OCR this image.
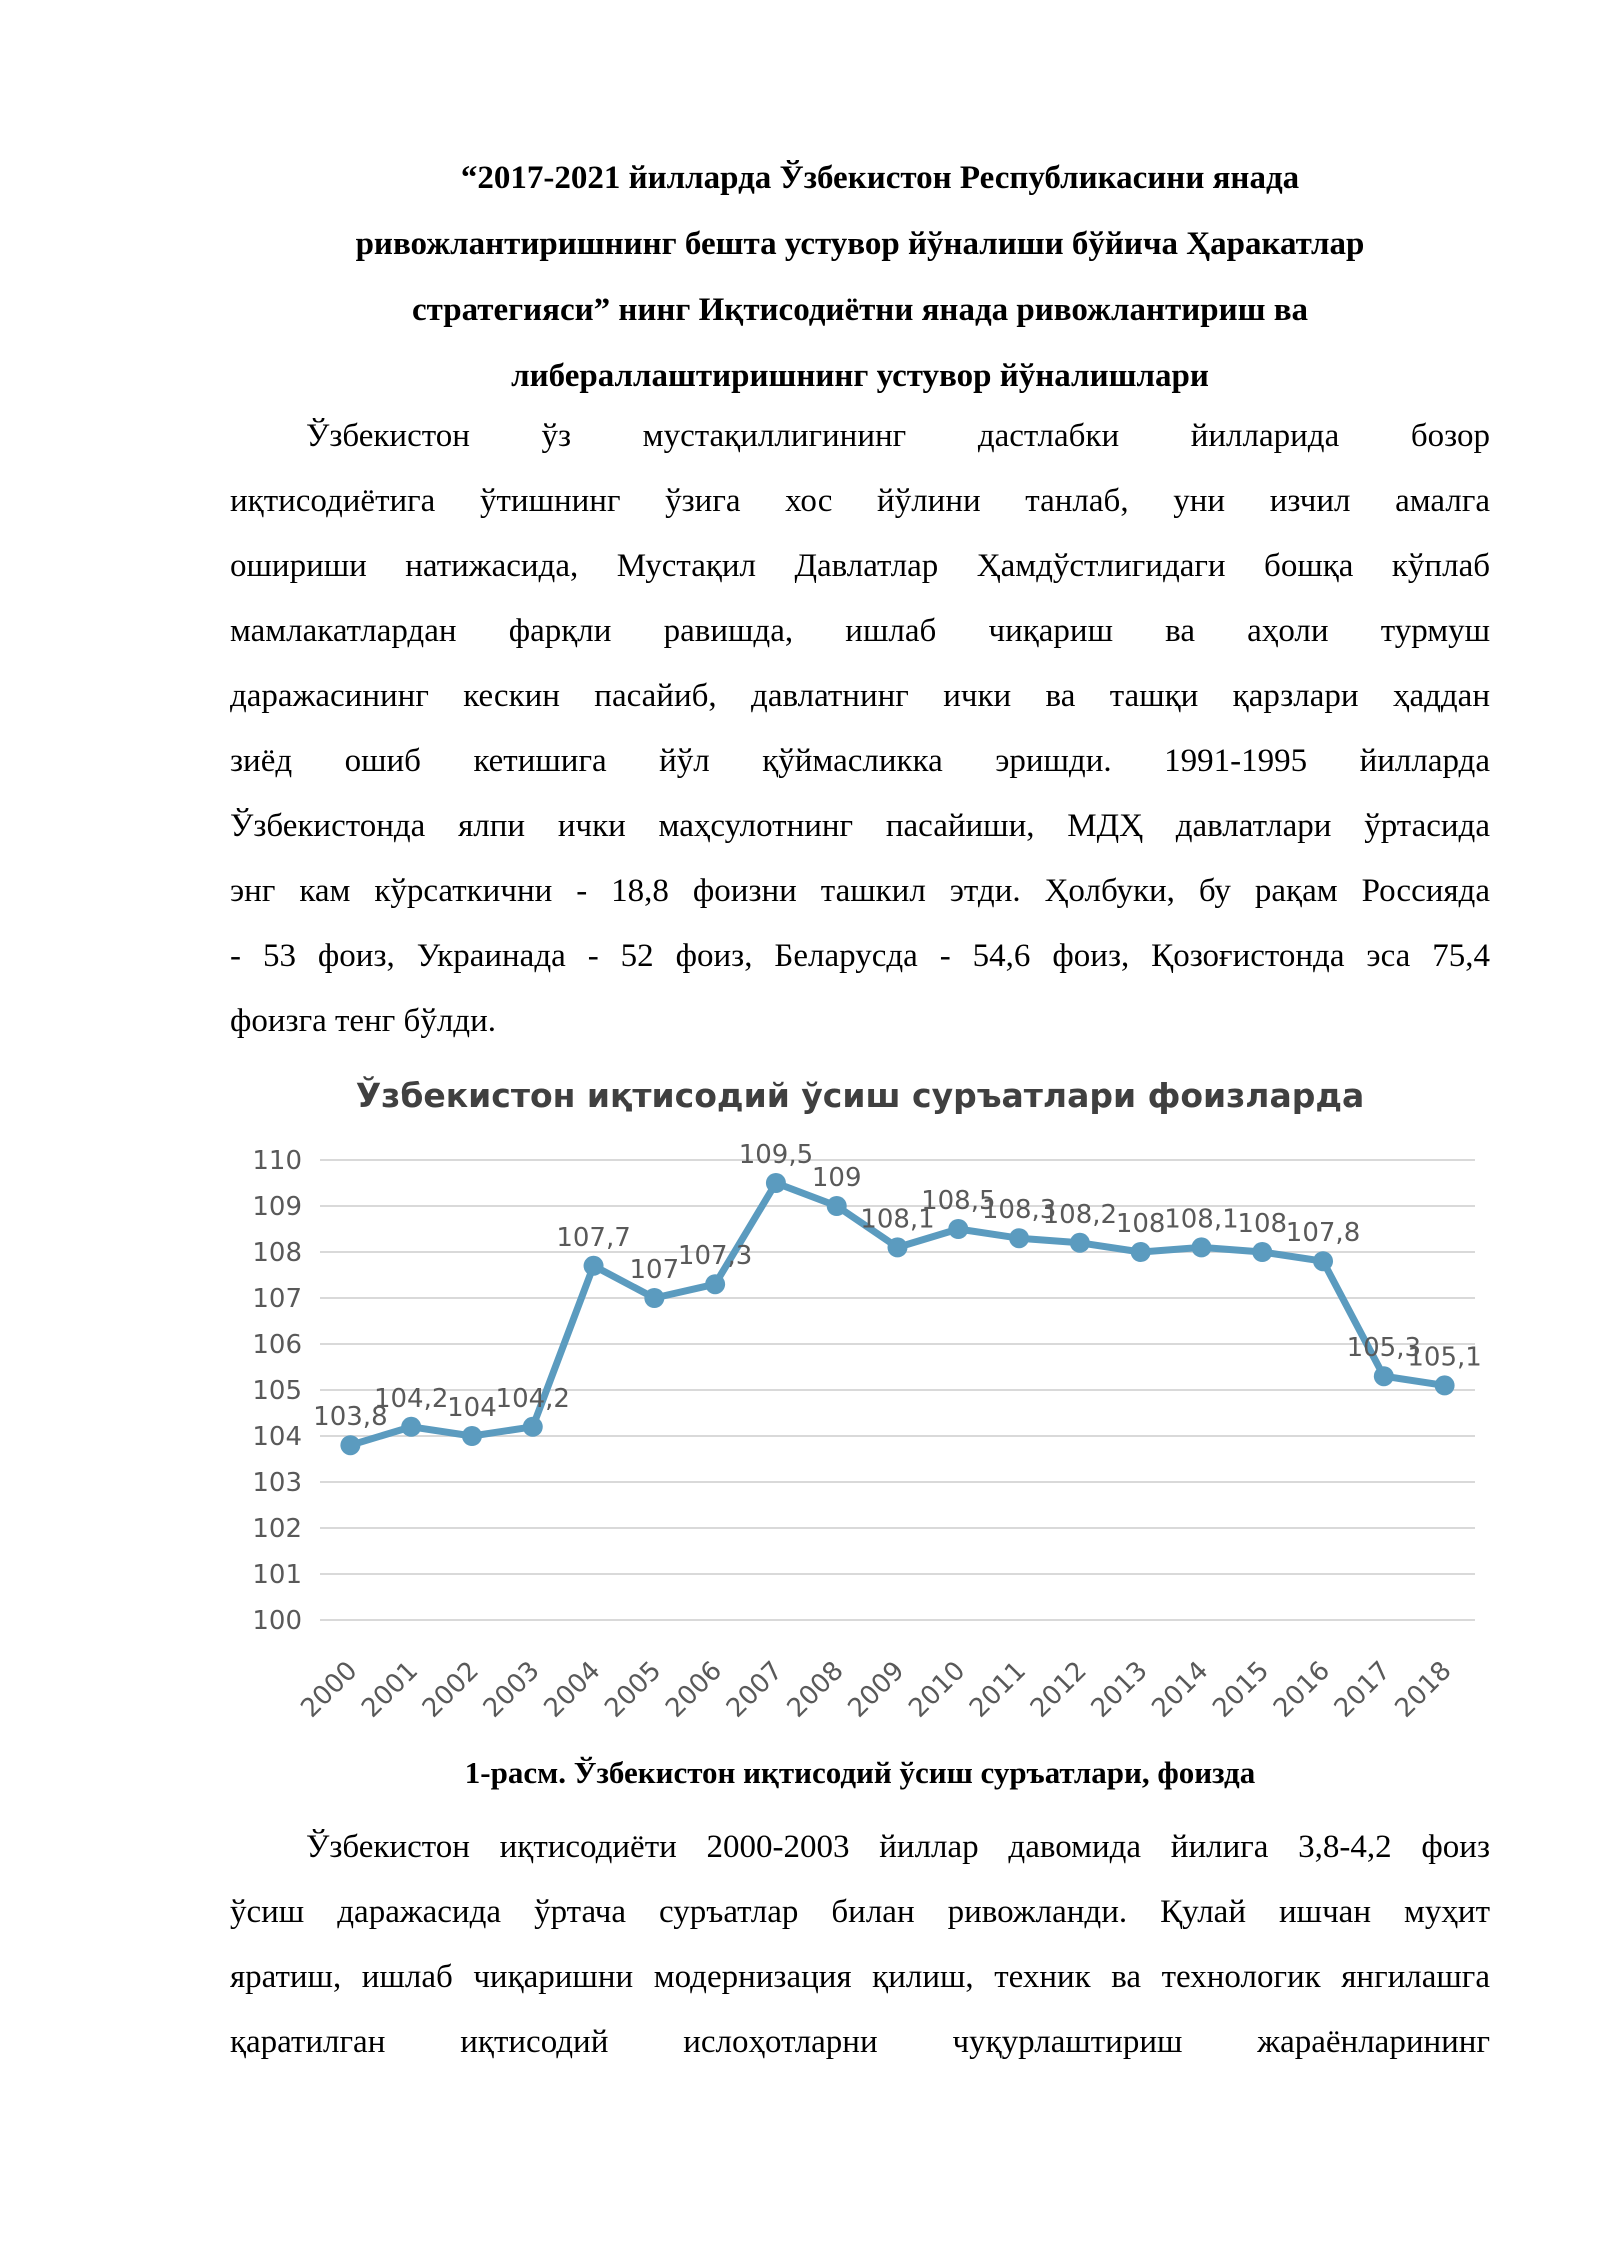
“2017-2021 йилларда Ўзбекистон Республикасини янада
ривожлантиришнинг бешта устувор йўналиши бўйича Ҳаракатлар
стратегияси” нинг Иқтисодиётни янада ривожлантириш ва
либераллаштиришнинг устувор йўналишлари
Ўзбекистон ўз мустақиллигининг дастлабки йилларида бозор
иқтисодиётига ўтишнинг ўзига хос йўлини танлаб, уни изчил амалга
ошириши натижасида, Мустақил Давлатлар Ҳамдўстлигидаги бошқа кўплаб
мамлакатлардан фарқли равишда, ишлаб чиқариш ва аҳоли турмуш
даражасининг кескин пасайиб, давлатнинг ички ва ташқи қарзлари ҳаддан
зиёд ошиб кетишига йўл қўймасликка эришди. 1991-1995 йилларда
Ўзбекистонда ялпи ички маҳсулотнинг пасайиши, МДҲ давлатлари ўртасида
энг кам кўрсаткични - 18,8 фоизни ташкил этди. Ҳолбуки, бу рақам Россияда
- 53 фоиз, Украинада - 52 фоиз, Беларусда - 54,6 фоиз, Қозоғистонда эса 75,4
фоизга тенг бўлди.
Ўзбекистон иқтисодий ўсиш суръатлари фоизларда
100
101
102
103
104
105
106
107
108
109
110
2000
2001
2002
2003
2004
2005
2006
2007
2008
2009
2010
2011
2012
2013
2014
2015
2016
2017
2018
103,8
104,2
104
104,2
107,7
107
107,3
109,5
109
108,1
108,5
108,3
108,2
108
108,1
108
107,8
105,3
105,1
1-расм. Ўзбекистон иқтисодий ўсиш суръатлари, фоизда
Ўзбекистон иқтисодиёти 2000-2003 йиллар давомида йилига 3,8-4,2 фоиз
ўсиш даражасида ўртача суръатлар билан ривожланди. Қулай ишчан муҳит
яратиш, ишлаб чиқаришни модернизация қилиш, техник ва технологик янгилашга
қаратилган иқтисодий ислоҳотларни чуқурлаштириш жараёнларининг
